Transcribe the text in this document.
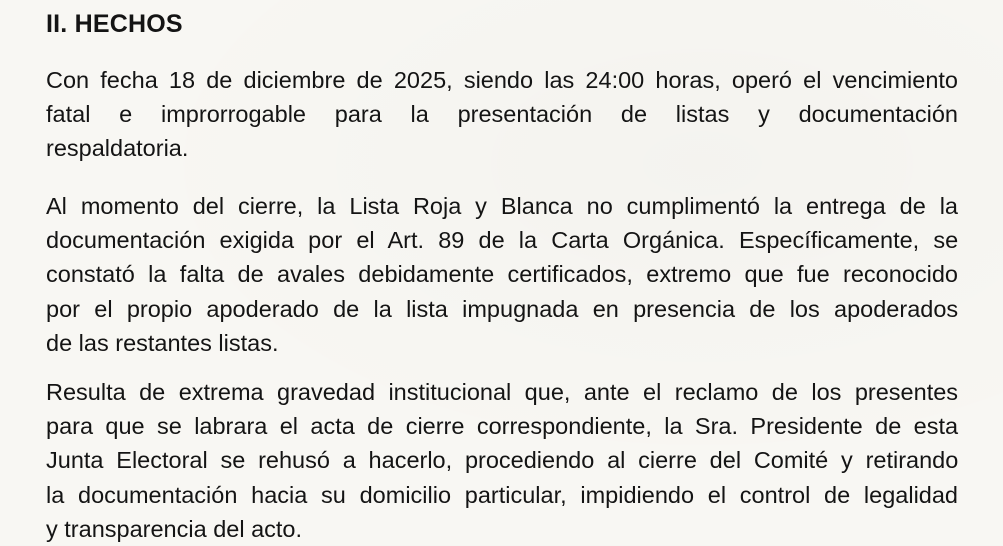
II. HECHOS
Con fecha 18 de diciembre de 2025, siendo las 24:00 horas, operó el vencimiento
fatal e improrrogable para la presentación de listas y documentación
respaldatoria.
Al momento del cierre, la Lista Roja y Blanca no cumplimentó la entrega de la
documentación exigida por el Art. 89 de la Carta Orgánica. Específicamente, se
constató la falta de avales debidamente certificados, extremo que fue reconocido
por el propio apoderado de la lista impugnada en presencia de los apoderados
de las restantes listas.
Resulta de extrema gravedad institucional que, ante el reclamo de los presentes
para que se labrara el acta de cierre correspondiente, la Sra. Presidente de esta
Junta Electoral se rehusó a hacerlo, procediendo al cierre del Comité y retirando
la documentación hacia su domicilio particular, impidiendo el control de legalidad
y transparencia del acto.
